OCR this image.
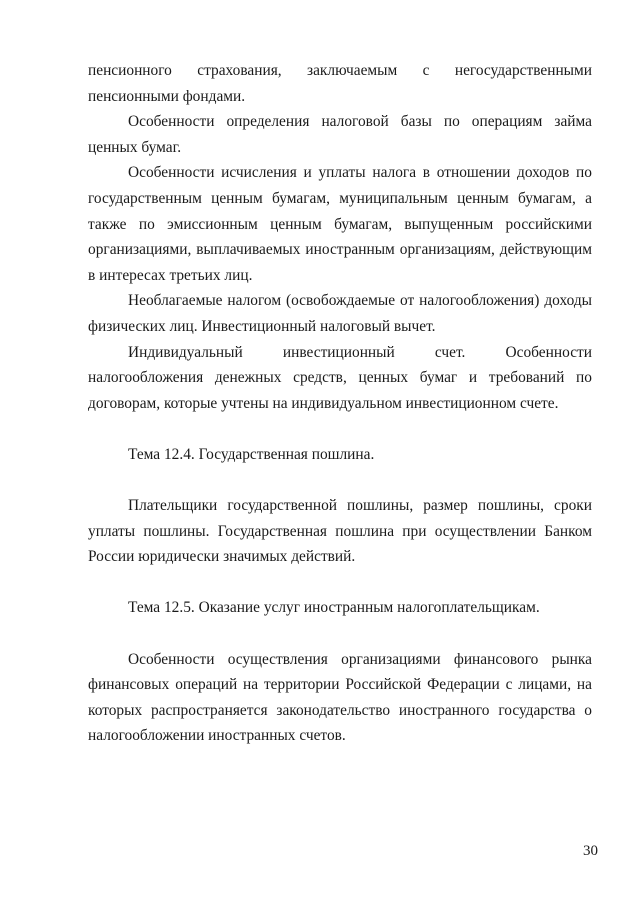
пенсионного страхования, заключаемым с негосударственными пенсионными фондами.

Особенности определения налоговой базы по операциям займа ценных бумаг.

Особенности исчисления и уплаты налога в отношении доходов по государственным ценным бумагам, муниципальным ценным бумагам, а также по эмиссионным ценным бумагам, выпущенным российскими организациями, выплачиваемых иностранным организациям, действующим в интересах третьих лиц.

Необлагаемые налогом (освобождаемые от налогообложения) доходы физических лиц. Инвестиционный налоговый вычет.

Индивидуальный инвестиционный счет. Особенности налогообложения денежных средств, ценных бумаг и требований по договорам, которые учтены на индивидуальном инвестиционном счете.

Тема 12.4. Государственная пошлина.

Плательщики государственной пошлины, размер пошлины, сроки уплаты пошлины. Государственная пошлина при осуществлении Банком России юридически значимых действий.

Тема 12.5. Оказание услуг иностранным налогоплательщикам.

Особенности осуществления организациями финансового рынка финансовых операций на территории Российской Федерации с лицами, на которых распространяется законодательство иностранного государства о налогообложении иностранных счетов.

30
